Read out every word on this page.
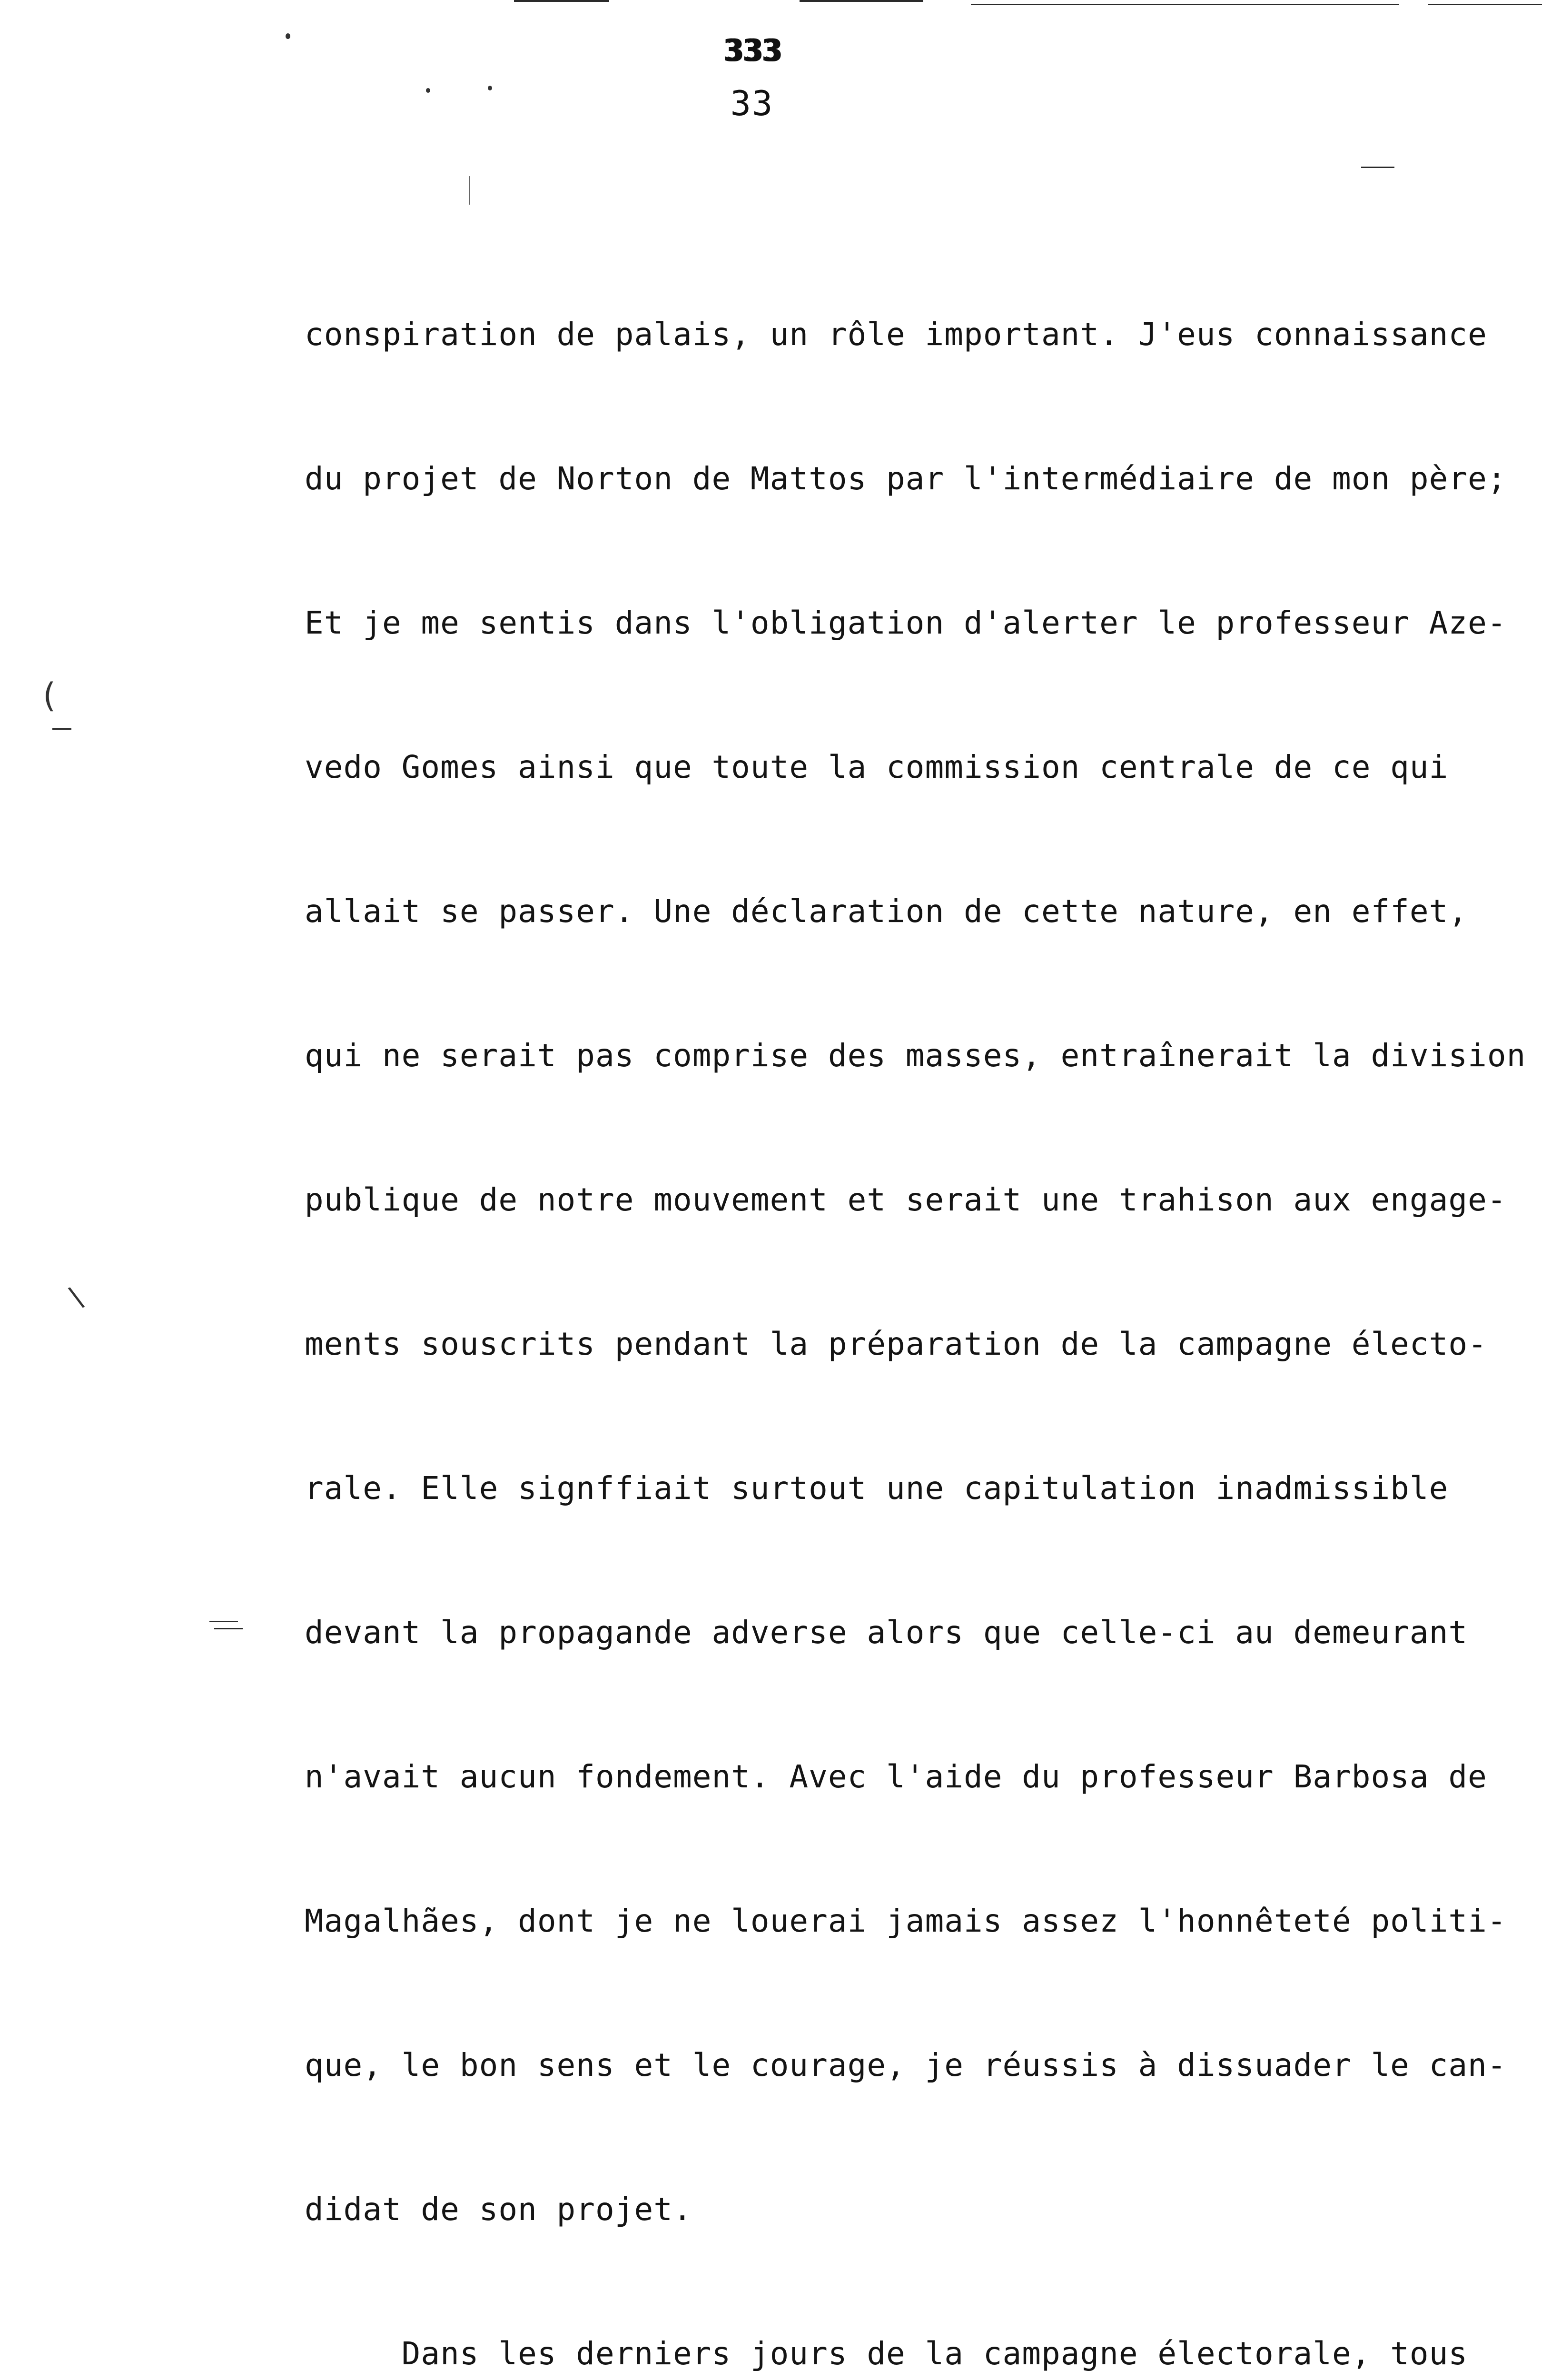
333
33
(
\

conspiration de palais, un rôle important. J'eus connaissance

du projet de Norton de Mattos par l'intermédiaire de mon père;

Et je me sentis dans l'obligation d'alerter le professeur Aze-

vedo Gomes ainsi que toute la commission centrale de ce qui

allait se passer. Une déclaration de cette nature, en effet,

qui ne serait pas comprise des masses, entraînerait la division

publique de notre mouvement et serait une trahison aux engage-

ments souscrits pendant la préparation de la campagne électo-

rale. Elle signffiait surtout une capitulation inadmissible

devant la propagande adverse alors que celle-ci au demeurant

n'avait aucun fondement. Avec l'aide du professeur Barbosa de

Magalhães, dont je ne louerai jamais assez l'honnêteté politi-

que, le bon sens et le courage, je réussis à dissuader le can-

didat de son projet.

Dans les derniers jours de la campagne électorale, tous
